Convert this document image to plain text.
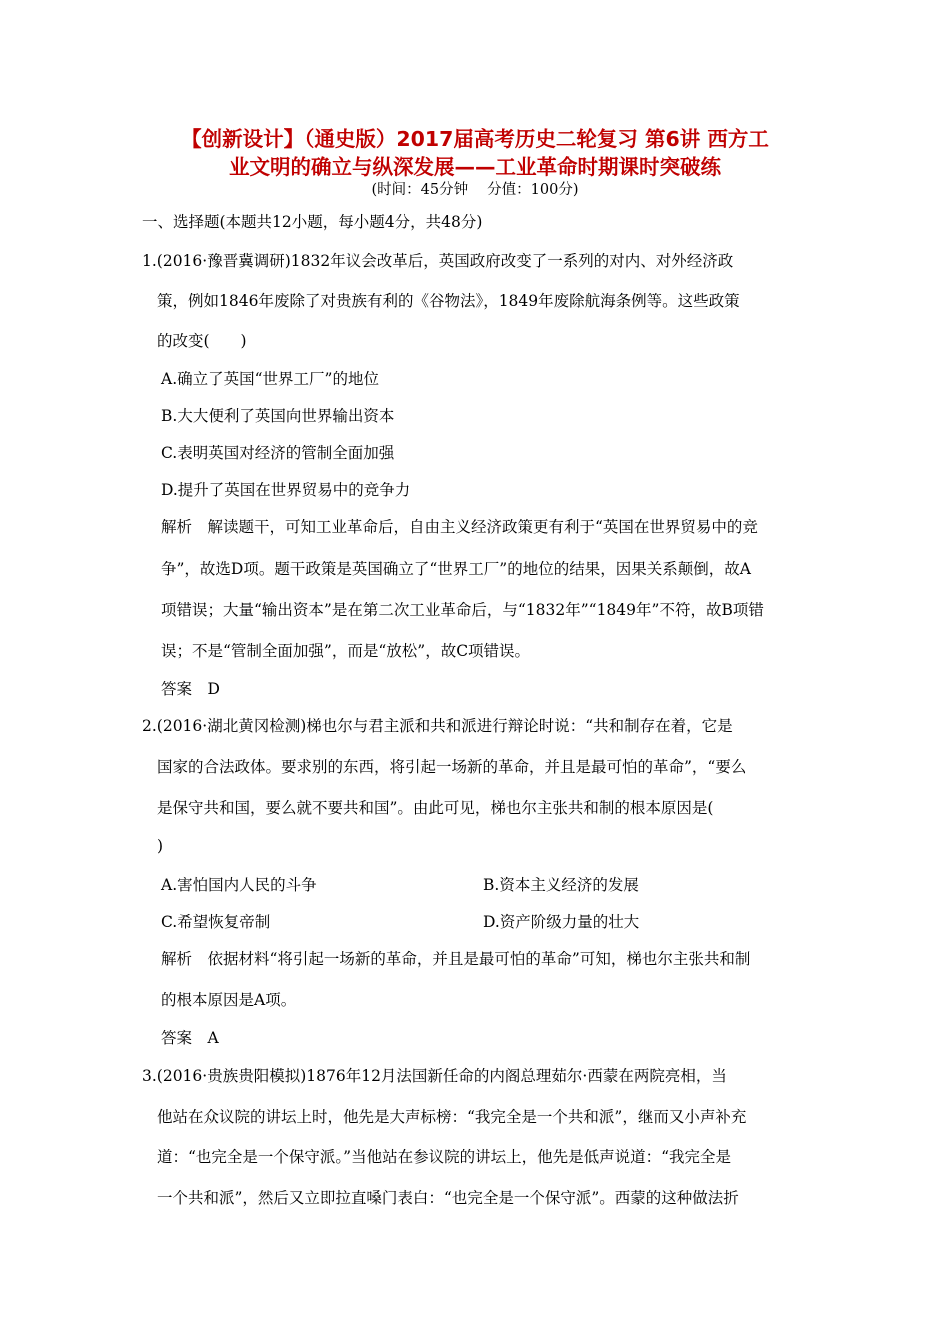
【创新设计】（通史版）2017届高考历史二轮复习 第6讲 西方工
业文明的确立与纵深发展——工业革命时期课时突破练
(时间：45分钟　 分值：100分)
一、选择题(本题共12小题，每小题4分，共48分)
1.(2016·豫晋冀调研)1832年议会改革后，英国政府改变了一系列的对内、对外经济政
策，例如1846年废除了对贵族有利的《谷物法》，1849年废除航海条例等。这些政策
的改变(　　)
A.确立了英国“世界工厂”的地位
B.大大便利了英国向世界输出资本
C.表明英国对经济的管制全面加强
D.提升了英国在世界贸易中的竞争力
解析　解读题干，可知工业革命后，自由主义经济政策更有利于“英国在世界贸易中的竞
争”，故选D项。题干政策是英国确立了“世界工厂”的地位的结果，因果关系颠倒，故A
项错误；大量“输出资本”是在第二次工业革命后，与“1832年”“1849年”不符，故B项错
误；不是“管制全面加强”，而是“放松”，故C项错误。
答案　D
2.(2016·湖北黄冈检测)梯也尔与君主派和共和派进行辩论时说：“共和制存在着，它是
国家的合法政体。要求别的东西，将引起一场新的革命，并且是最可怕的革命”，“要么
是保守共和国，要么就不要共和国”。由此可见，梯也尔主张共和制的根本原因是(
)
A.害怕国内人民的斗争	B.资本主义经济的发展
C.希望恢复帝制	D.资产阶级力量的壮大
解析　依据材料“将引起一场新的革命，并且是最可怕的革命”可知，梯也尔主张共和制
的根本原因是A项。
答案　A
3.(2016·贵族贵阳模拟)1876年12月法国新任命的内阁总理茹尔·西蒙在两院亮相，当
他站在众议院的讲坛上时，他先是大声标榜：“我完全是一个共和派”，继而又小声补充
道：“也完全是一个保守派。”当他站在参议院的讲坛上，他先是低声说道：“我完全是
一个共和派”，然后又立即拉直嗓门表白：“也完全是一个保守派”。西蒙的这种做法折
